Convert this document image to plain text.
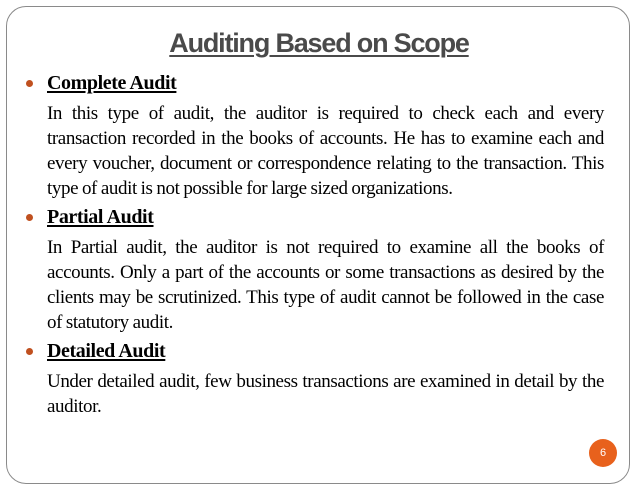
Auditing Based on Scope
Complete Audit
In this type of audit, the auditor is required to check each and every transaction recorded in the books of accounts. He has to examine each and every voucher, document or correspondence relating to the transaction. This type of audit is not possible for large sized organizations.
Partial Audit
In Partial audit, the auditor is not required to examine all the books of accounts. Only a part of the accounts or some transactions as desired by the clients may be scrutinized. This type of audit cannot be followed in the case of statutory audit.
Detailed Audit
Under detailed audit, few business transactions are examined in detail by the auditor.
6
